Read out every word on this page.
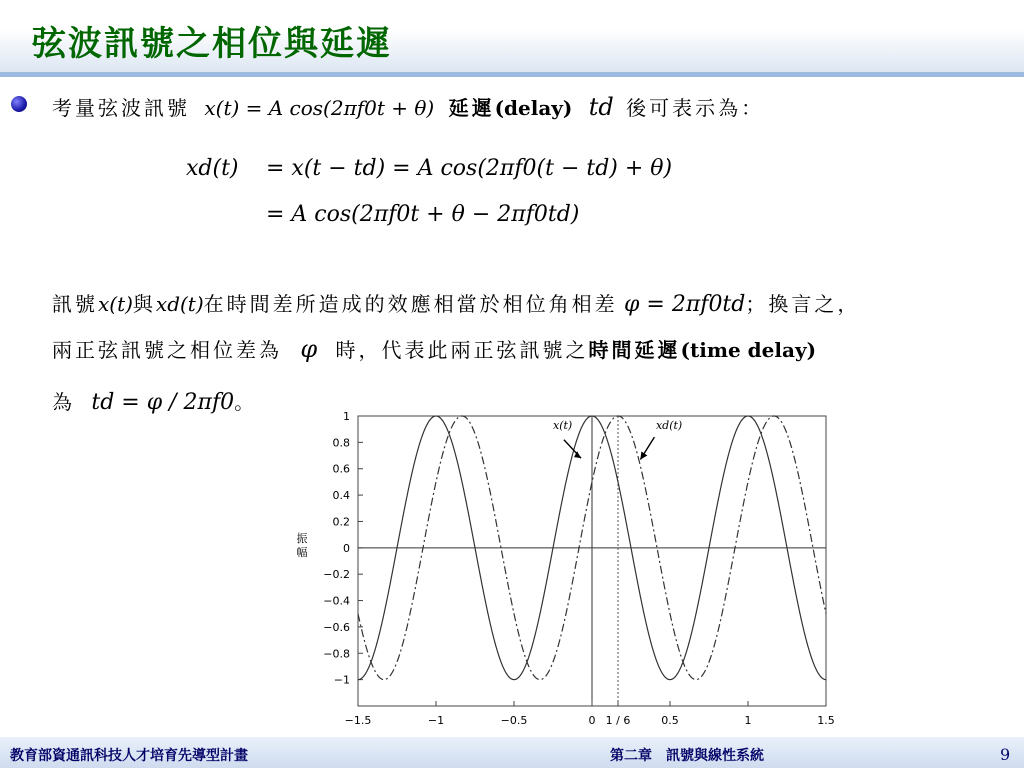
弦波訊號之相位與延遲
考量弦波訊號 x(t) = A cos(2πf0t + θ) 延遲(delay) td 後可表示為：
xd(t) = x(t − td) = A cos(2πf0(t − td) + θ)
= A cos(2πf0t + θ − 2πf0td)
訊號x(t)與xd(t)在時間差所造成的效應相當於相位角相差 φ = 2πf0td；換言之，
兩正弦訊號之相位差為 φ 時，代表此兩正弦訊號之時間延遲(time delay)
為 td = φ / 2πf0。
1
0.8
0.6
0.4
0.2
0
−0.2
−0.4
−0.6
−0.8
−1
−1.5	−1	−0.5	0 1 / 6	0.5	1	1.5
振
幅
x(t)	xd(t)
教育部資通訊科技人才培育先導型計畫	第二章　訊號與線性系統	9
